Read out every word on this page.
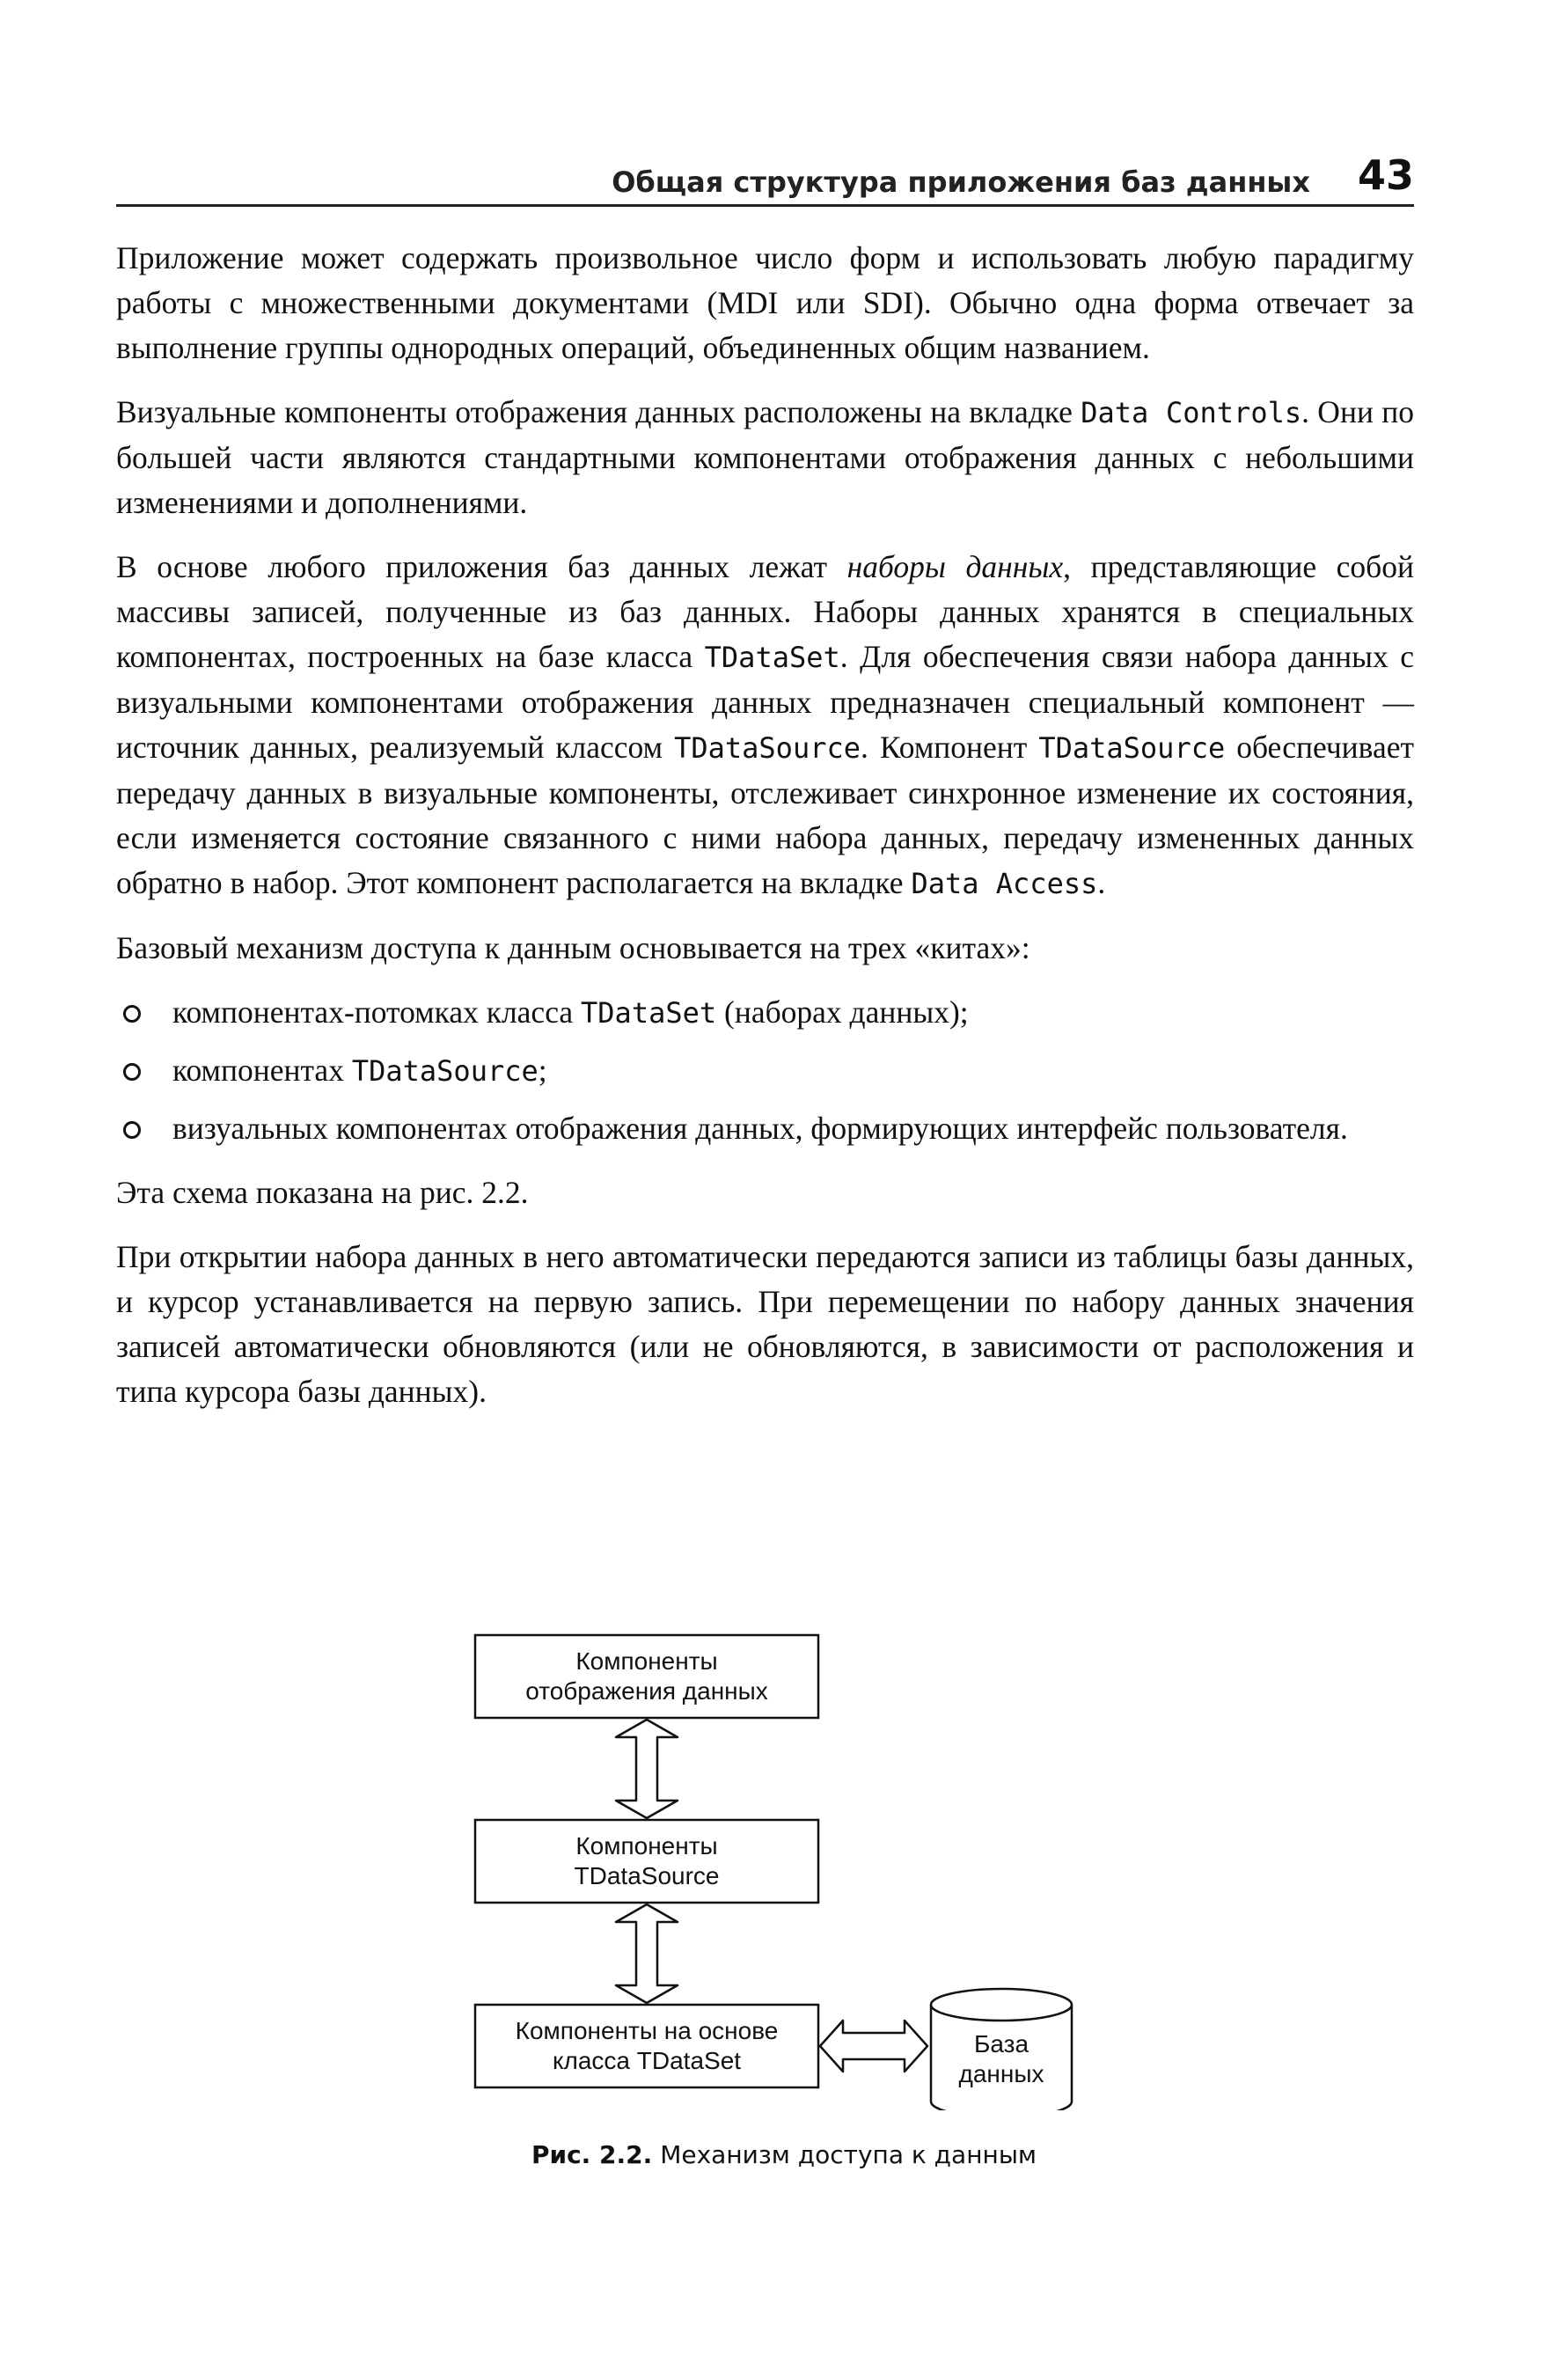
Общая структура приложения баз данных 43

Приложение может содержать произвольное число форм и использовать любую парадигму работы с множественными документами (MDI или SDI). Обычно одна форма отвечает за выполнение группы однородных операций, объединенных общим названием.

Визуальные компоненты отображения данных расположены на вкладке Data Controls. Они по большей части являются стандартными компонентами отображения данных с небольшими изменениями и дополнениями.

В основе любого приложения баз данных лежат наборы данных, представляющие собой массивы записей, полученные из баз данных. Наборы данных хранятся в специальных компонентах, построенных на базе класса TDataSet. Для обеспечения связи набора данных с визуальными компонентами отображения данных предназначен специальный компонент — источник данных, реализуемый классом TDataSource. Компонент TDataSource обеспечивает передачу данных в визуальные компоненты, отслеживает синхронное изменение их состояния, если изменяется состояние связанного с ними набора данных, передачу измененных данных обратно в набор. Этот компонент располагается на вкладке Data Access.

Базовый механизм доступа к данным основывается на трех «китах»:

компонентах-потомках класса TDataSet (наборах данных);
компонентах TDataSource;
визуальных компонентах отображения данных, формирующих интерфейс пользователя.

Эта схема показана на рис. 2.2.

При открытии набора данных в него автоматически передаются записи из таблицы базы данных, и курсор устанавливается на первую запись. При перемещении по набору данных значения записей автоматически обновляются (или не обновляются, в зависимости от расположения и типа курсора базы данных).

Компоненты
отображения данных
Компоненты
TDataSource
Компоненты на основе
класса TDataSet
База
данных
Рис. 2.2. Механизм доступа к данным
